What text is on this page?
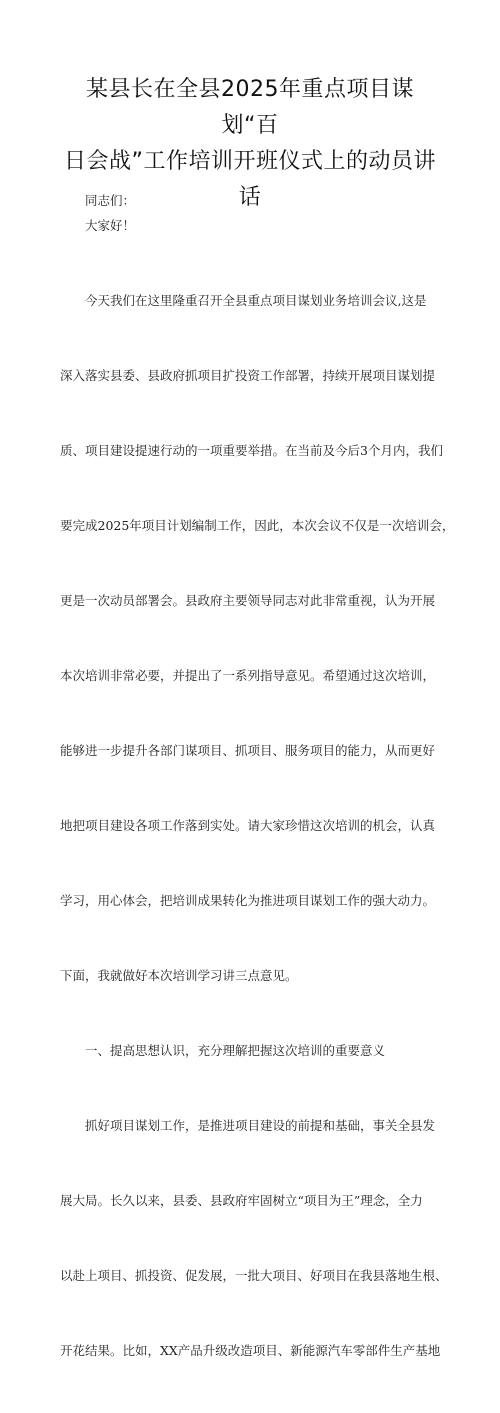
某县长在全县2025年重点项目谋划“百
日会战”工作培训开班仪式上的动员讲
话

同志们：

大家好！

今天我们在这里隆重召开全县重点项目谋划业务培训会议,这是

深入落实县委、县政府抓项目扩投资工作部署，持续开展项目谋划提

质、项目建设提速行动的一项重要举措。在当前及今后3个月内，我们

要完成2025年项目计划编制工作，因此，本次会议不仅是一次培训会，

更是一次动员部署会。县政府主要领导同志对此非常重视，认为开展

本次培训非常必要，并提出了一系列指导意见。希望通过这次培训，

能够进一步提升各部门谋项目、抓项目、服务项目的能力，从而更好

地把项目建设各项工作落到实处。请大家珍惜这次培训的机会，认真

学习，用心体会，把培训成果转化为推进项目谋划工作的强大动力。

下面，我就做好本次培训学习讲三点意见。

一、提高思想认识，充分理解把握这次培训的重要意义

抓好项目谋划工作，是推进项目建设的前提和基础，事关全县发

展大局。长久以来，县委、县政府牢固树立“项目为王”理念，全力

以赴上项目、抓投资、促发展，一批大项目、好项目在我县落地生根、

开花结果。比如，XX产品升级改造项目、新能源汽车零部件生产基地
